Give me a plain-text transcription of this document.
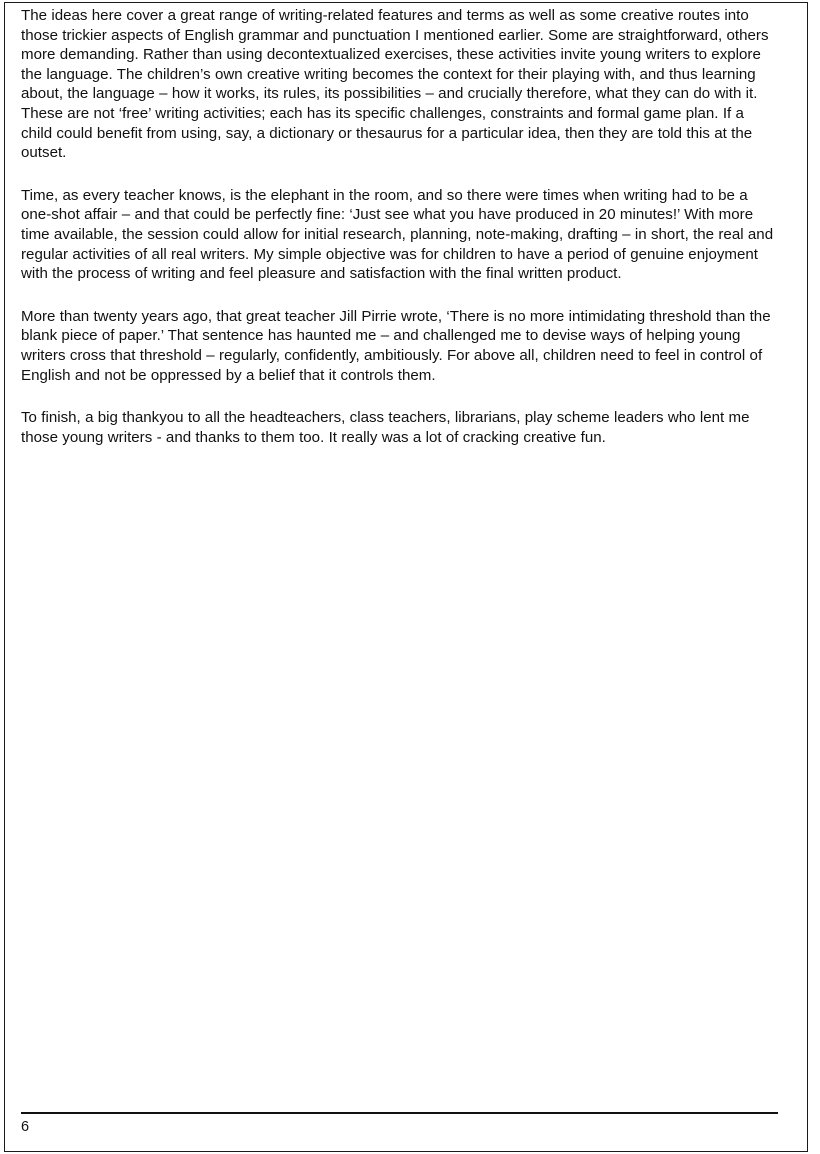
The ideas here cover a great range of writing-related features and terms as well as some creative routes into those trickier aspects of English grammar and punctuation I mentioned earlier. Some are straightforward, others more demanding. Rather than using decontextualized exercises, these activities invite young writers to explore the language. The children’s own creative writing becomes the context for their playing with, and thus learning about, the language – how it works, its rules, its possibilities – and crucially therefore, what they can do with it. These are not ‘free’ writing activities; each has its specific challenges, constraints and formal game plan. If a child could benefit from using, say, a dictionary or thesaurus for a particular idea, then they are told this at the outset.

Time, as every teacher knows, is the elephant in the room, and so there were times when writing had to be a one-shot affair – and that could be perfectly fine: ‘Just see what you have produced in 20 minutes!’ With more time available, the session could allow for initial research, planning, note-making, drafting – in short, the real and regular activities of all real writers. My simple objective was for children to have a period of genuine enjoyment with the process of writing and feel pleasure and satisfaction with the final written product.

More than twenty years ago, that great teacher Jill Pirrie wrote, ‘There is no more intimidating threshold than the blank piece of paper.’ That sentence has haunted me – and challenged me to devise ways of helping young writers cross that threshold – regularly, confidently, ambitiously. For above all, children need to feel in control of English and not be oppressed by a belief that it controls them.

To finish, a big thankyou to all the headteachers, class teachers, librarians, play scheme leaders who lent me those young writers - and thanks to them too. It really was a lot of cracking creative fun.

6
